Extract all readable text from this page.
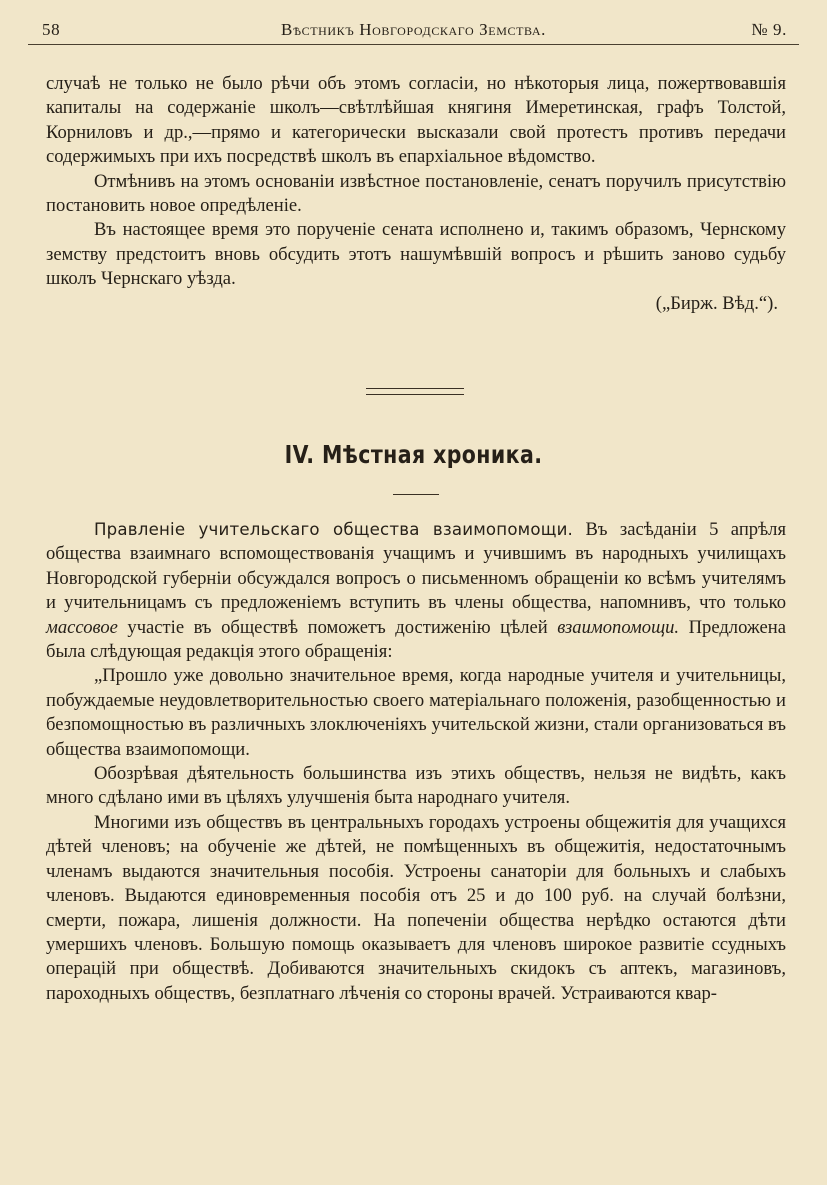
58	Вѣстникъ Новгородскаго Земства.	№ 9.

случаѣ не только не было рѣчи объ этомъ согласіи, но нѣкоторыя лица, пожертвовавшія капиталы на содержаніе школъ—свѣтлѣйшая княгиня Имеретинская, графъ Толстой, Корниловъ и др.,—прямо и категорически высказали свой протестъ противъ передачи содержимыхъ при ихъ посредствѣ школъ въ епархіальное вѣдомство.

Отмѣнивъ на этомъ основаніи извѣстное постановленіе, сенатъ поручилъ присутствію постановить новое опредѣленіе.

Въ настоящее время это порученіе сената исполнено и, такимъ образомъ, Чернскому земству предстоитъ вновь обсудить этотъ нашумѣвшій вопросъ и рѣшить заново судьбу школъ Чернскаго уѣзда.

(„Бирж. Вѣд.“).

IV. Мѣстная хроника.

Правленіе учительскаго общества взаимопомощи. Въ засѣданіи 5 апрѣля общества взаимнаго вспомоществованія учащимъ и учившимъ въ народныхъ училищахъ Новгородской губерніи обсуждался вопросъ о письменномъ обращеніи ко всѣмъ учителямъ и учительницамъ съ предложеніемъ вступить въ члены общества, напомнивъ, что только массовое участіе въ обществѣ поможетъ достиженію цѣлей взаимопомощи. Предложена была слѣдующая редакція этого обращенія:

„Прошло уже довольно значительное время, когда народные учителя и учительницы, побуждаемые неудовлетворительностью своего матеріальнаго положенія, разобщенностью и безпомощностью въ различныхъ злоключеніяхъ учительской жизни, стали организоваться въ общества взаимопомощи.

Обозрѣвая дѣятельность большинства изъ этихъ обществъ, нельзя не видѣть, какъ много сдѣлано ими въ цѣляхъ улучшенія быта народнаго учителя.

Многими изъ обществъ въ центральныхъ городахъ устроены общежитія для учащихся дѣтей членовъ; на обученіе же дѣтей, не помѣщенныхъ въ общежитія, недостаточнымъ членамъ выдаются значительныя пособія. Устроены санаторіи для больныхъ и слабыхъ членовъ. Выдаются единовременныя пособія отъ 25 и до 100 руб. на случай болѣзни, смерти, пожара, лишенія должности. На попеченіи общества нерѣдко остаются дѣти умершихъ членовъ. Большую помощь оказываетъ для членовъ широкое развитіе ссудныхъ операцій при обществѣ. Добиваются значительныхъ скидокъ съ аптекъ, магазиновъ, пароходныхъ обществъ, безплатнаго лѣченія со стороны врачей. Устраиваются квар-
